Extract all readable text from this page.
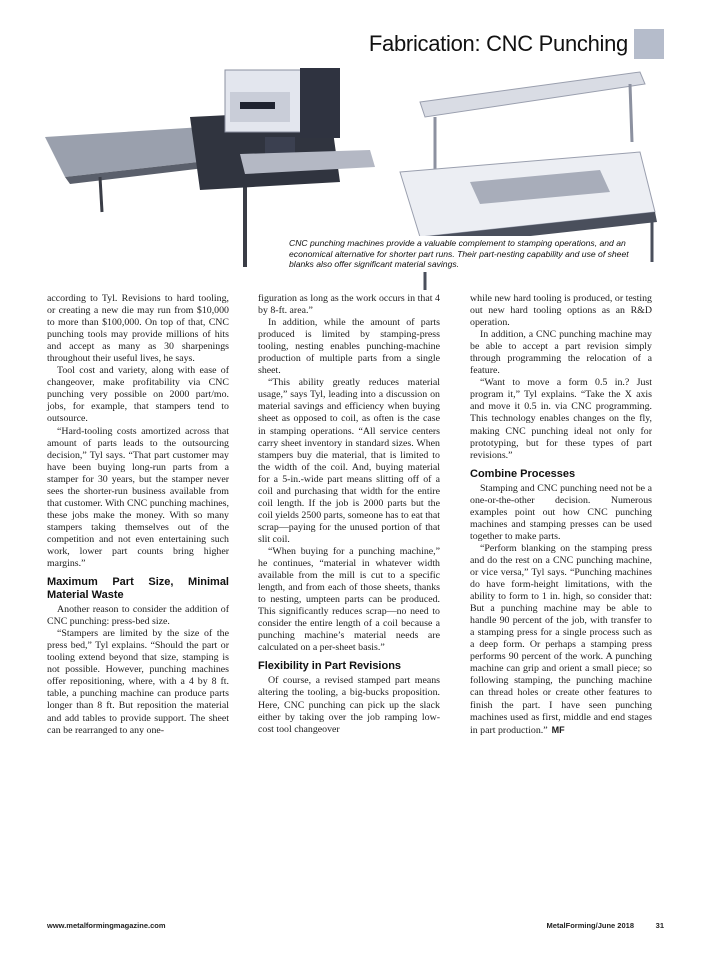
Fabrication: CNC Punching
CNC punching machines provide a valuable complement to stamping operations, and an economical alternative for shorter part runs. Their part-nesting capability and use of sheet blanks also offer significant material savings.

according to Tyl. Revisions to hard tooling, or creating a new die may run from $10,000 to more than $100,000. On top of that, CNC punching tools may provide millions of hits and accept as many as 30 sharpenings throughout their useful lives, he says.

Tool cost and variety, along with ease of changeover, make profitability via CNC punching very possible on 2000 part/mo. jobs, for example, that stampers tend to outsource.

“Hard-tooling costs amortized across that amount of parts leads to the outsourcing decision,” Tyl says. “That part customer may have been buying long-run parts from a stamper for 30 years, but the stamper never sees the shorter-run business available from that customer. With CNC punching machines, these jobs make the money. With so many stampers taking themselves out of the competition and not even entertaining such work, lower part counts bring higher margins.”

Maximum Part Size, Minimal Material Waste

Another reason to consider the addition of CNC punching: press-bed size.

“Stampers are limited by the size of the press bed,” Tyl explains. “Should the part or tooling extend beyond that size, stamping is not possible. However, punching machines offer repositioning, where, with a 4 by 8 ft. table, a punching machine can produce parts longer than 8 ft. But reposition the material and add tables to provide support. The sheet can be rearranged to any one-

figuration as long as the work occurs in that 4 by 8-ft. area.”

In addition, while the amount of parts produced is limited by stamping-press tooling, nesting enables punching-machine production of multiple parts from a single sheet.

“This ability greatly reduces material usage,” says Tyl, leading into a discussion on material savings and efficiency when buying sheet as opposed to coil, as often is the case in stamping operations. “All service centers carry sheet inventory in standard sizes. When stampers buy die material, that is limited to the width of the coil. And, buying material for a 5-in.-wide part means slitting off of a coil and purchasing that width for the entire coil length. If the job is 2000 parts but the coil yields 2500 parts, someone has to eat that scrap—paying for the unused portion of that slit coil.

“When buying for a punching machine,” he continues, “material in whatever width available from the mill is cut to a specific length, and from each of those sheets, thanks to nesting, umpteen parts can be produced. This significantly reduces scrap—no need to consider the entire length of a coil because a punching machine’s material needs are calculated on a per-sheet basis.”

Flexibility in Part Revisions

Of course, a revised stamped part means altering the tooling, a big-bucks proposition. Here, CNC punching can pick up the slack either by taking over the job ramping low-cost tool changeover

while new hard tooling is produced, or testing out new hard tooling options as an R&D operation.

In addition, a CNC punching machine may be able to accept a part revision simply through programming the relocation of a feature.

“Want to move a form 0.5 in.? Just program it,” Tyl explains. “Take the X axis and move it 0.5 in. via CNC programming. This technology enables changes on the fly, making CNC punching ideal not only for prototyping, but for these types of part revisions.”

Combine Processes

Stamping and CNC punching need not be a one-or-the-other decision. Numerous examples point out how CNC punching machines and stamping presses can be used together to make parts.

“Perform blanking on the stamping press and do the rest on a CNC punching machine, or vice versa,” Tyl says. “Punching machines do have form-height limitations, with the ability to form to 1 in. high, so consider that: But a punching machine may be able to handle 90 percent of the job, with transfer to a stamping press for a single process such as a deep form. Or perhaps a stamping press performs 90 percent of the work. A punching machine can grip and orient a small piece; so following stamping, the punching machine can thread holes or create other features to finish the part. I have seen punching machines used as first, middle and end stages in part production.” MF

www.metalformingmagazine.com	MetalForming/June 2018	31
